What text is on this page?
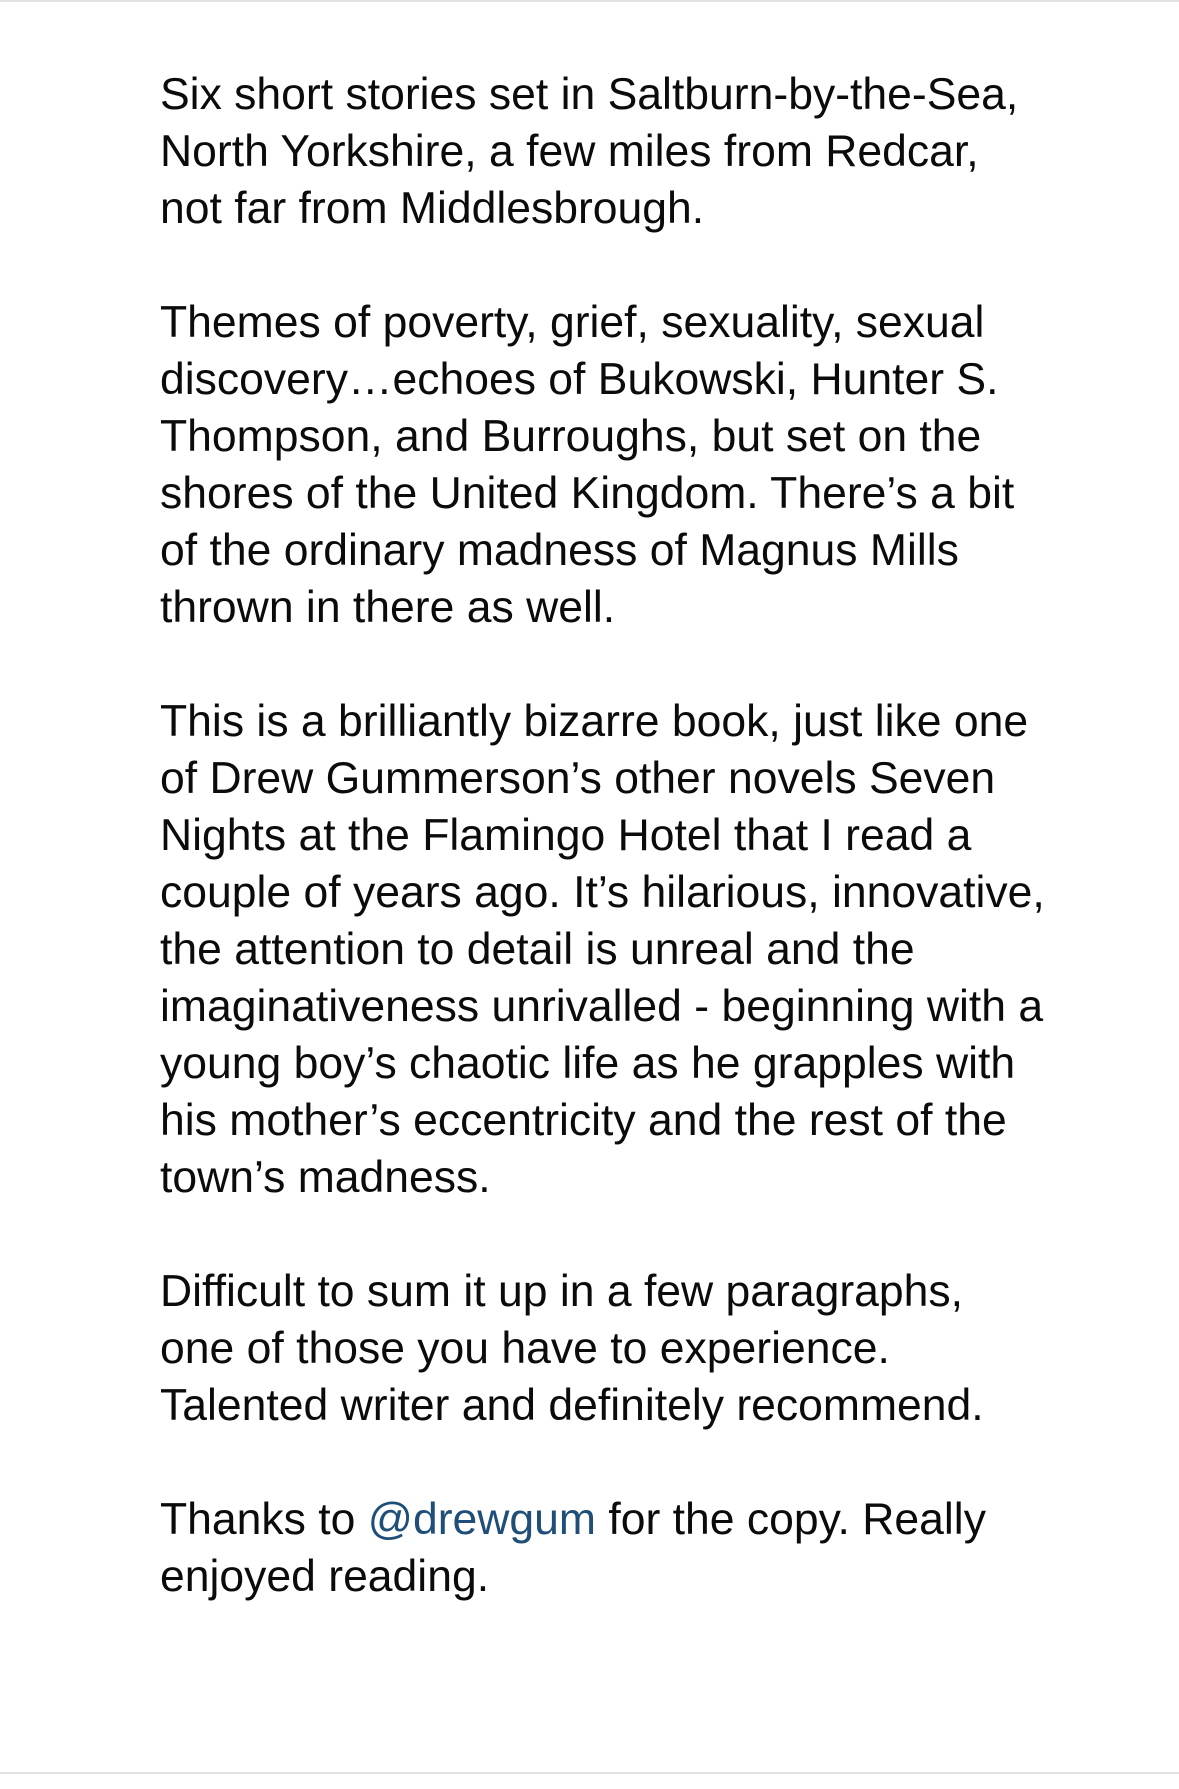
Six short stories set in Saltburn-by-the-Sea,
North Yorkshire, a few miles from Redcar,
not far from Middlesbrough.

Themes of poverty, grief, sexuality, sexual
discovery…echoes of Bukowski, Hunter S.
Thompson, and Burroughs, but set on the
shores of the United Kingdom. There’s a bit
of the ordinary madness of Magnus Mills
thrown in there as well.

This is a brilliantly bizarre book, just like one
of Drew Gummerson’s other novels Seven
Nights at the Flamingo Hotel that I read a
couple of years ago. It’s hilarious, innovative,
the attention to detail is unreal and the
imaginativeness unrivalled - beginning with a
young boy’s chaotic life as he grapples with
his mother’s eccentricity and the rest of the
town’s madness.

Difficult to sum it up in a few paragraphs,
one of those you have to experience.
Talented writer and definitely recommend.

Thanks to @drewgum for the copy. Really
enjoyed reading.
